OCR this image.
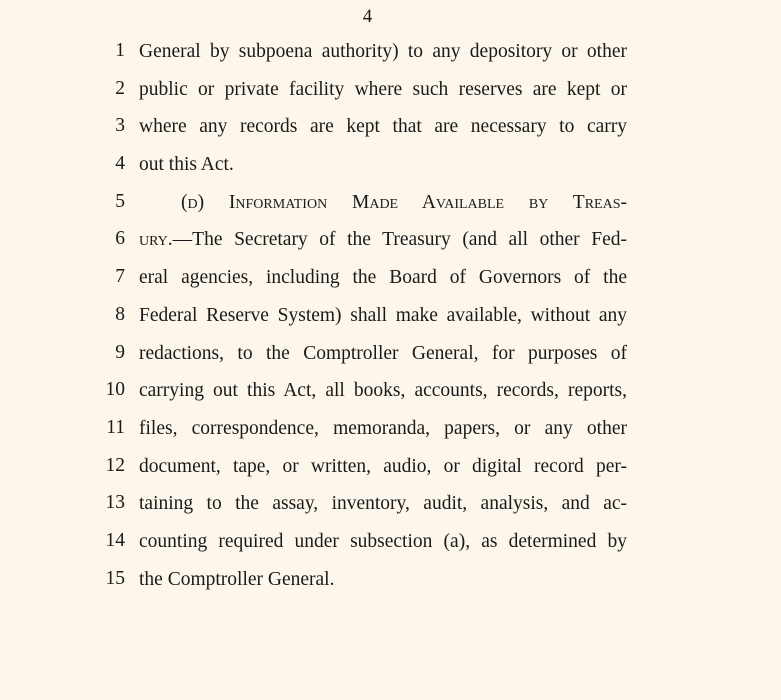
4
1 General by subpoena authority) to any depository or other
2 public or private facility where such reserves are kept or
3 where any records are kept that are necessary to carry
4 out this Act.
5	(d) Information Made Available by Treas-
6 ury.—The Secretary of the Treasury (and all other Fed-
7 eral agencies, including the Board of Governors of the
8 Federal Reserve System) shall make available, without any
9 redactions, to the Comptroller General, for purposes of
10 carrying out this Act, all books, accounts, records, reports,
11 files, correspondence, memoranda, papers, or any other
12 document, tape, or written, audio, or digital record per-
13 taining to the assay, inventory, audit, analysis, and ac-
14 counting required under subsection (a), as determined by
15 the Comptroller General.
